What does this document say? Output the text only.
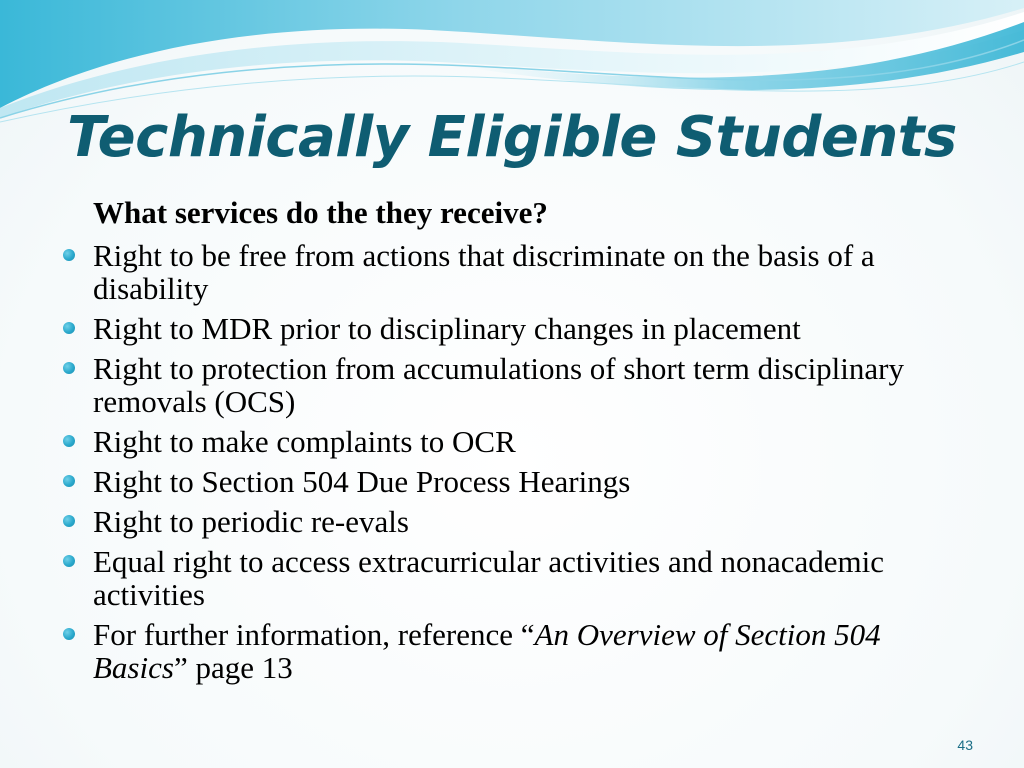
Technically Eligible Students
What services do the they receive?
Right to be free from actions that discriminate on the basis of a disability
Right to MDR prior to disciplinary changes in placement
Right to protection from accumulations of short term disciplinary removals (OCS)
Right to make complaints to OCR
Right to Section 504 Due Process Hearings
Right to periodic re-evals
Equal right to access extracurricular activities and nonacademic activities
For further information, reference “An Overview of Section 504 Basics” page 13
43
